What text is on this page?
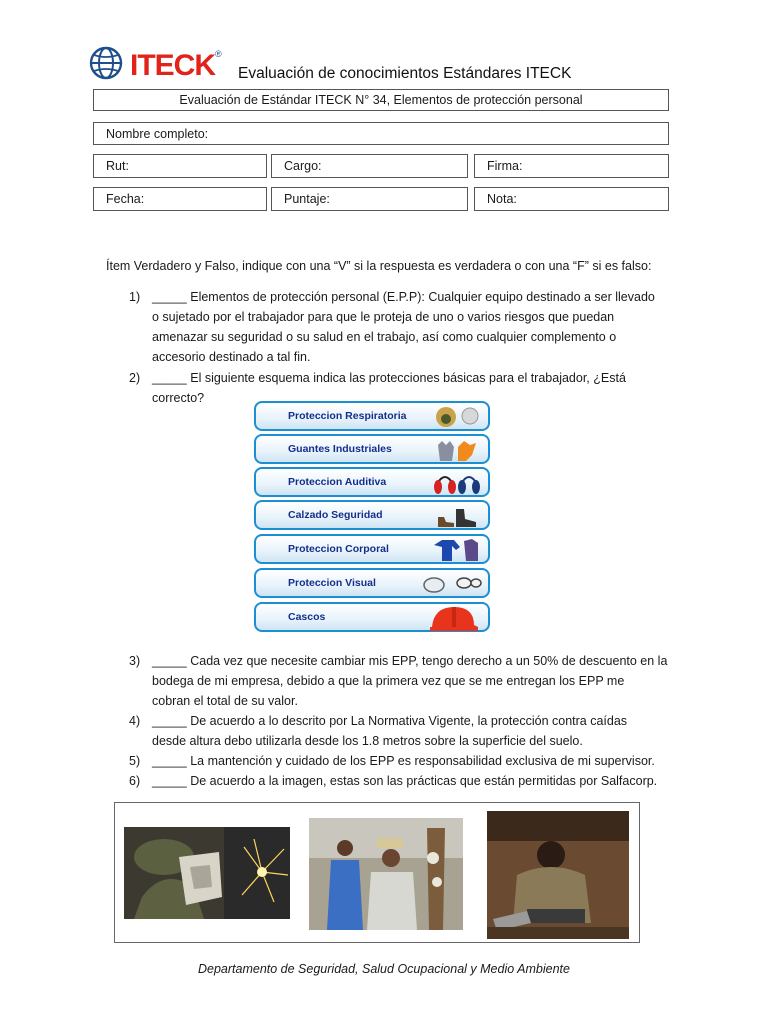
ITECK®
Evaluación de conocimientos Estándares ITECK
Evaluación de Estándar ITECK N° 34, Elementos de protección personal
Nombre completo:
Rut:	Cargo:	Firma:
Fecha:	Puntaje:	Nota:
Ítem Verdadero y Falso, indique con una “V” si la respuesta es verdadera o con una “F” si es falso:
1) _____ Elementos de protección personal (E.P.P): Cualquier equipo destinado a ser llevado
o sujetado por el trabajador para que le proteja de uno o varios riesgos que puedan
amenazar su seguridad o su salud en el trabajo, así como cualquier complemento o
accesorio destinado a tal fin.
2) _____ El siguiente esquema indica las protecciones básicas para el trabajador, ¿Está
correcto?
Proteccion Respiratoria
Guantes Industriales
Proteccion Auditiva
Calzado Seguridad
Proteccion Corporal
Proteccion Visual
Cascos
3) _____ Cada vez que necesite cambiar mis EPP, tengo derecho a un 50% de descuento en la
bodega de mi empresa, debido a que la primera vez que se me entregan los EPP me
cobran el total de su valor.
4) _____ De acuerdo a lo descrito por La Normativa Vigente, la protección contra caídas
desde altura debo utilizarla desde los 1.8 metros sobre la superficie del suelo.
5) _____ La mantención y cuidado de los EPP es responsabilidad exclusiva de mi supervisor.
6) _____ De acuerdo a la imagen, estas son las prácticas que están permitidas por Salfacorp.
Departamento de Seguridad, Salud Ocupacional y Medio Ambiente
